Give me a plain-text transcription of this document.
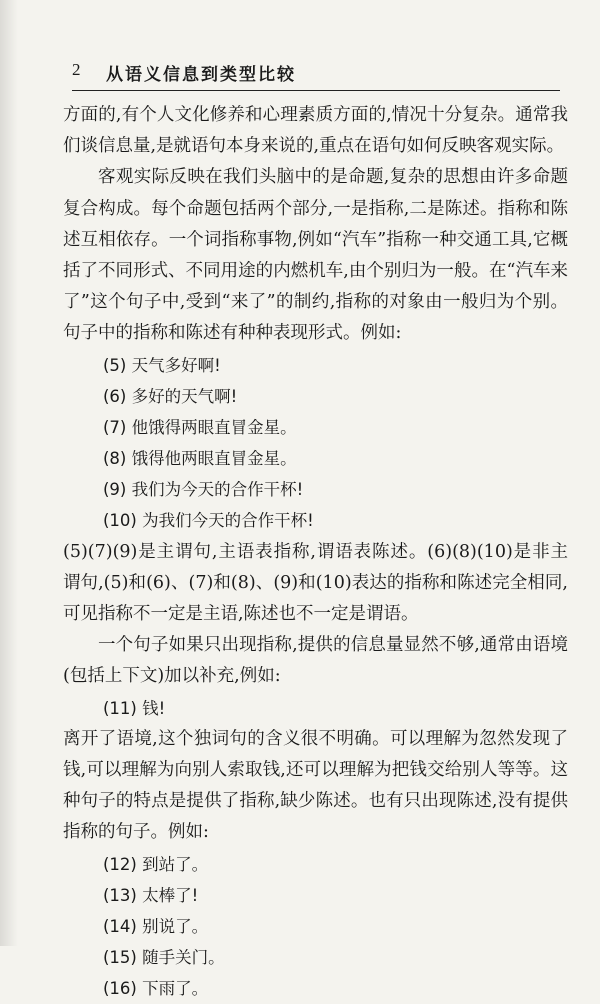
2 从语义信息到类型比较
方面的,有个人文化修养和心理素质方面的,情况十分复杂。通常我
们谈信息量,是就语句本身来说的,重点在语句如何反映客观实际。
客观实际反映在我们头脑中的是命题,复杂的思想由许多命题
复合构成。每个命题包括两个部分,一是指称,二是陈述。指称和陈
述互相依存。一个词指称事物,例如“汽车”指称一种交通工具,它概
括了不同形式、不同用途的内燃机车,由个别归为一般。在“汽车来
了”这个句子中,受到“来了”的制约,指称的对象由一般归为个别。
句子中的指称和陈述有种种表现形式。例如:
(5) 天气多好啊!
(6) 多好的天气啊!
(7) 他饿得两眼直冒金星。
(8) 饿得他两眼直冒金星。
(9) 我们为今天的合作干杯!
(10) 为我们今天的合作干杯!
(5)(7)(9)是主谓句,主语表指称,谓语表陈述。(6)(8)(10)是非主
谓句,(5)和(6)、(7)和(8)、(9)和(10)表达的指称和陈述完全相同,
可见指称不一定是主语,陈述也不一定是谓语。
一个句子如果只出现指称,提供的信息量显然不够,通常由语境
(包括上下文)加以补充,例如:
(11) 钱!
离开了语境,这个独词句的含义很不明确。可以理解为忽然发现了
钱,可以理解为向别人索取钱,还可以理解为把钱交给别人等等。这
种句子的特点是提供了指称,缺少陈述。也有只出现陈述,没有提供
指称的句子。例如:
(12) 到站了。
(13) 太棒了!
(14) 别说了。
(15) 随手关门。
(16) 下雨了。
